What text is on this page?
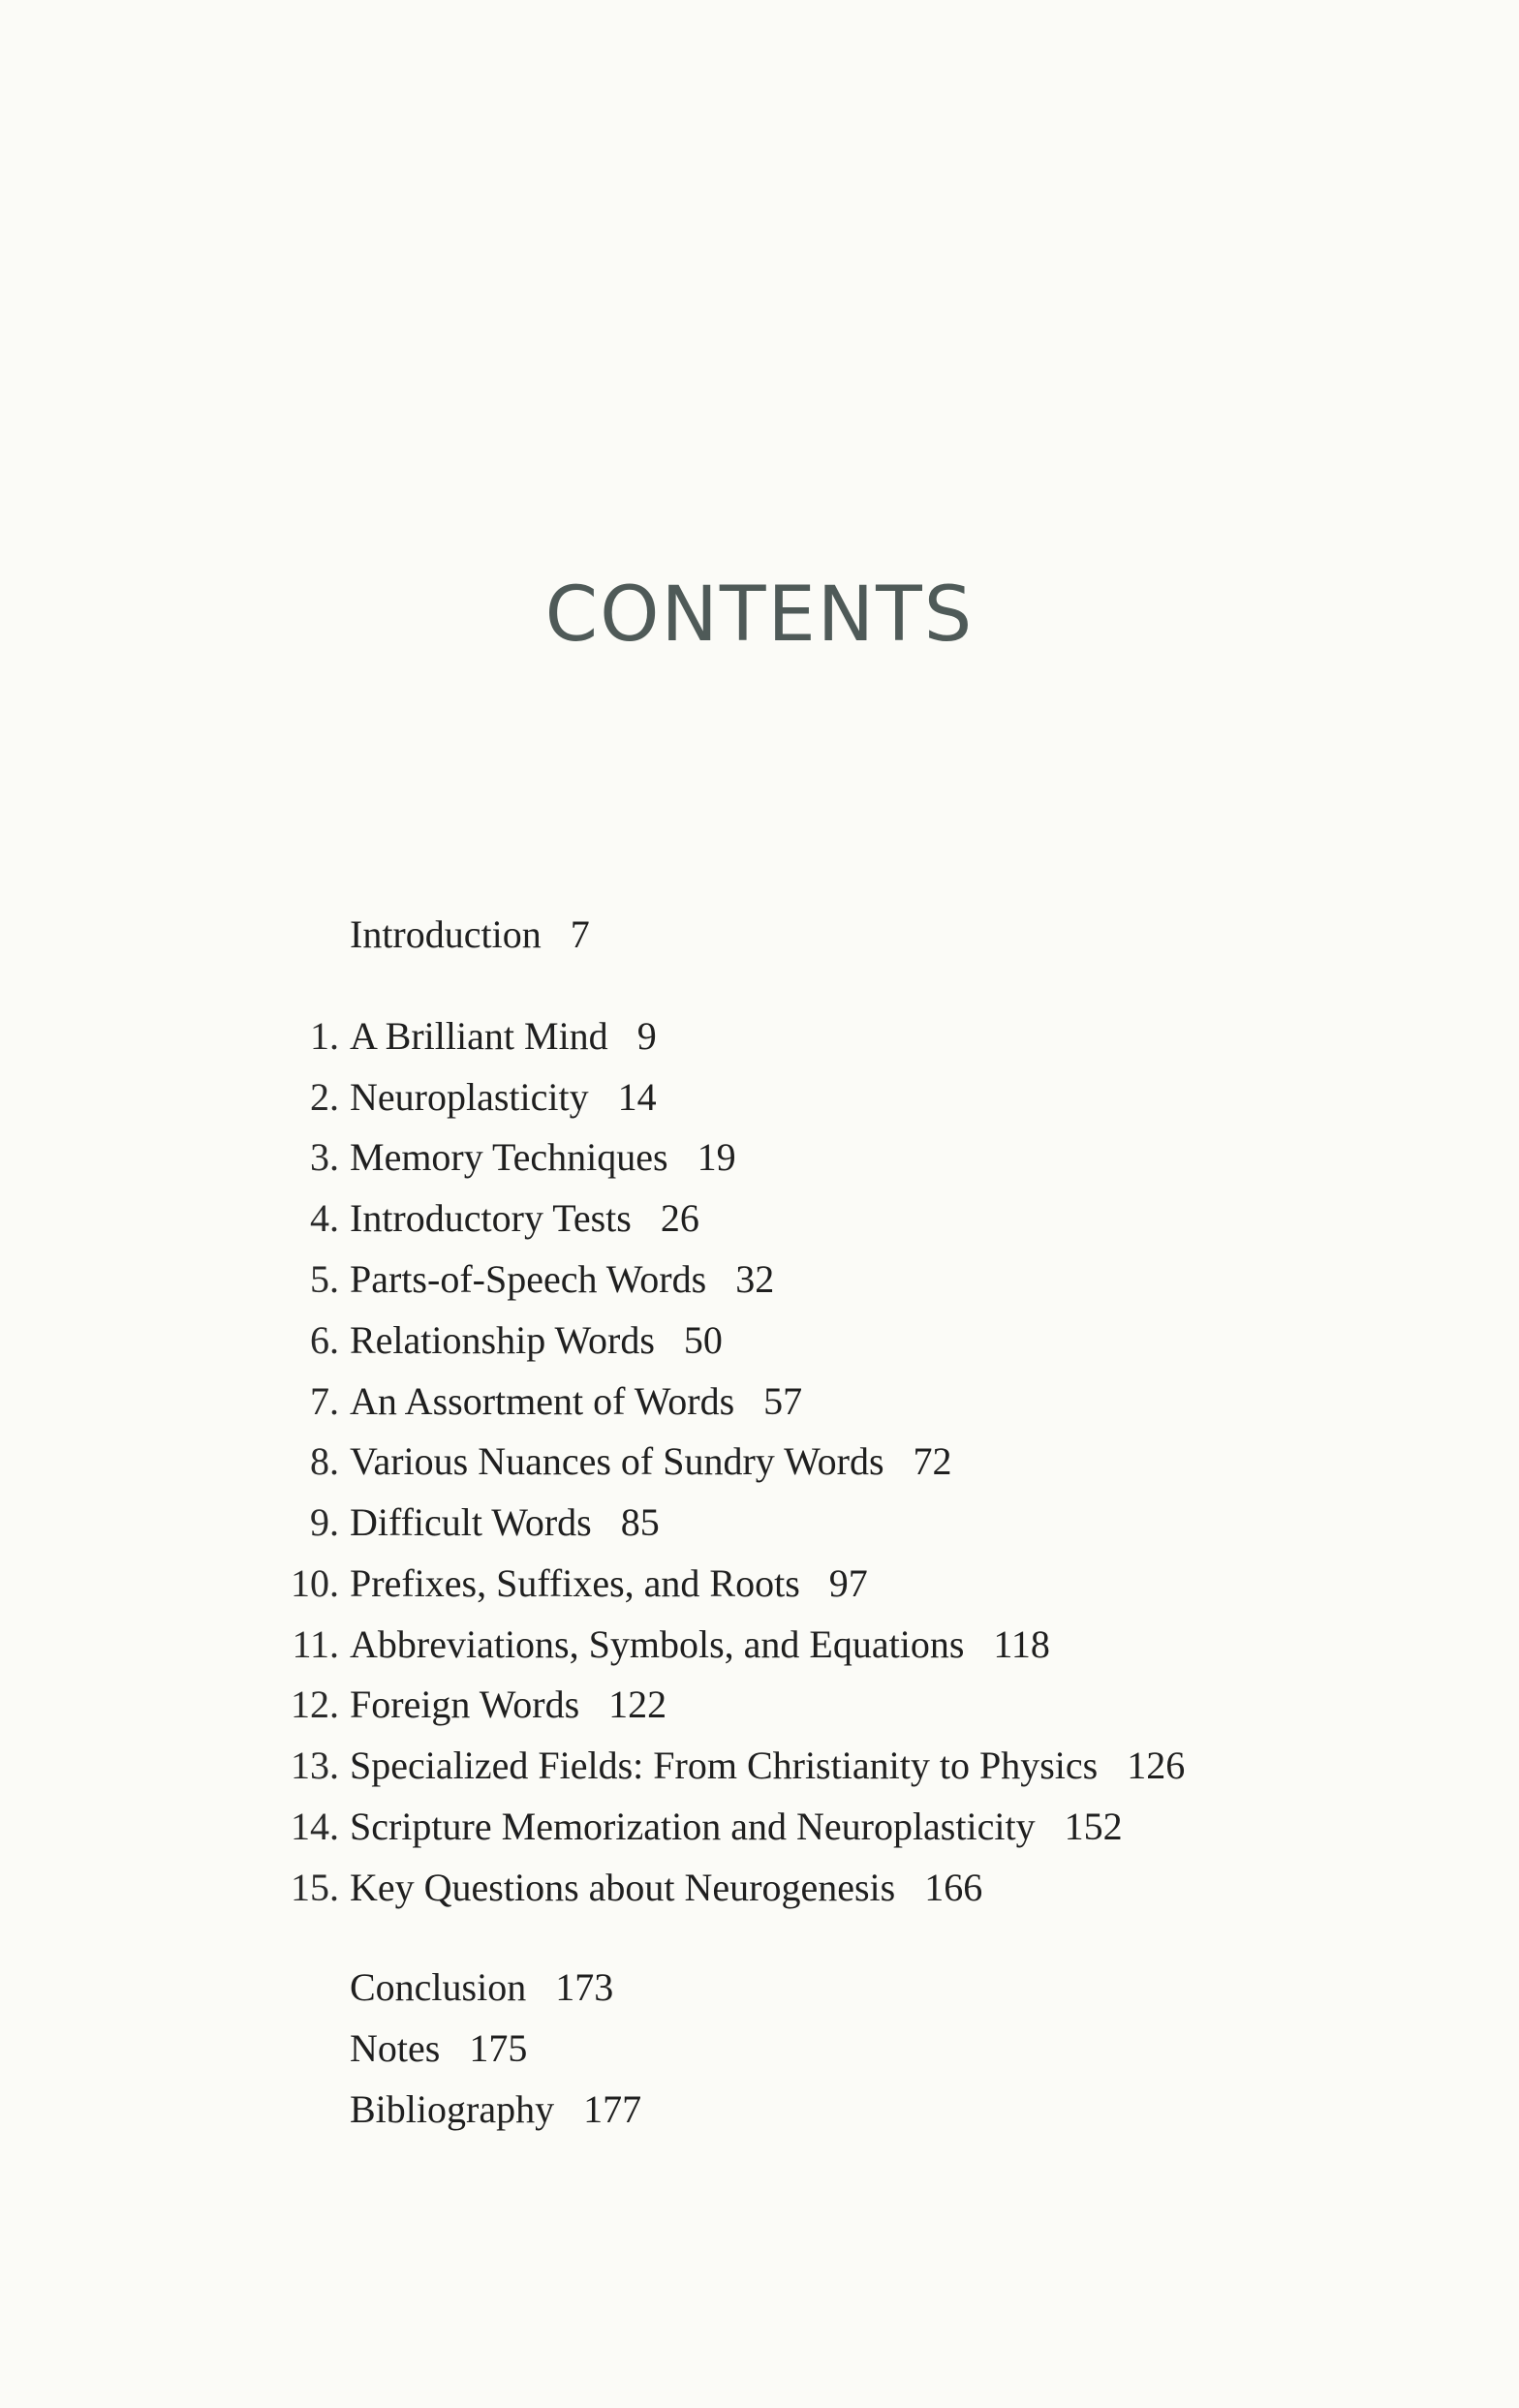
CONTENTS
Introduction 7
1. A Brilliant Mind 9
2. Neuroplasticity 14
3. Memory Techniques 19
4. Introductory Tests 26
5. Parts-of-Speech Words 32
6. Relationship Words 50
7. An Assortment of Words 57
8. Various Nuances of Sundry Words 72
9. Difficult Words 85
10. Prefixes, Suffixes, and Roots 97
11. Abbreviations, Symbols, and Equations 118
12. Foreign Words 122
13. Specialized Fields: From Christianity to Physics 126
14. Scripture Memorization and Neuroplasticity 152
15. Key Questions about Neurogenesis 166
Conclusion 173
Notes 175
Bibliography 177
